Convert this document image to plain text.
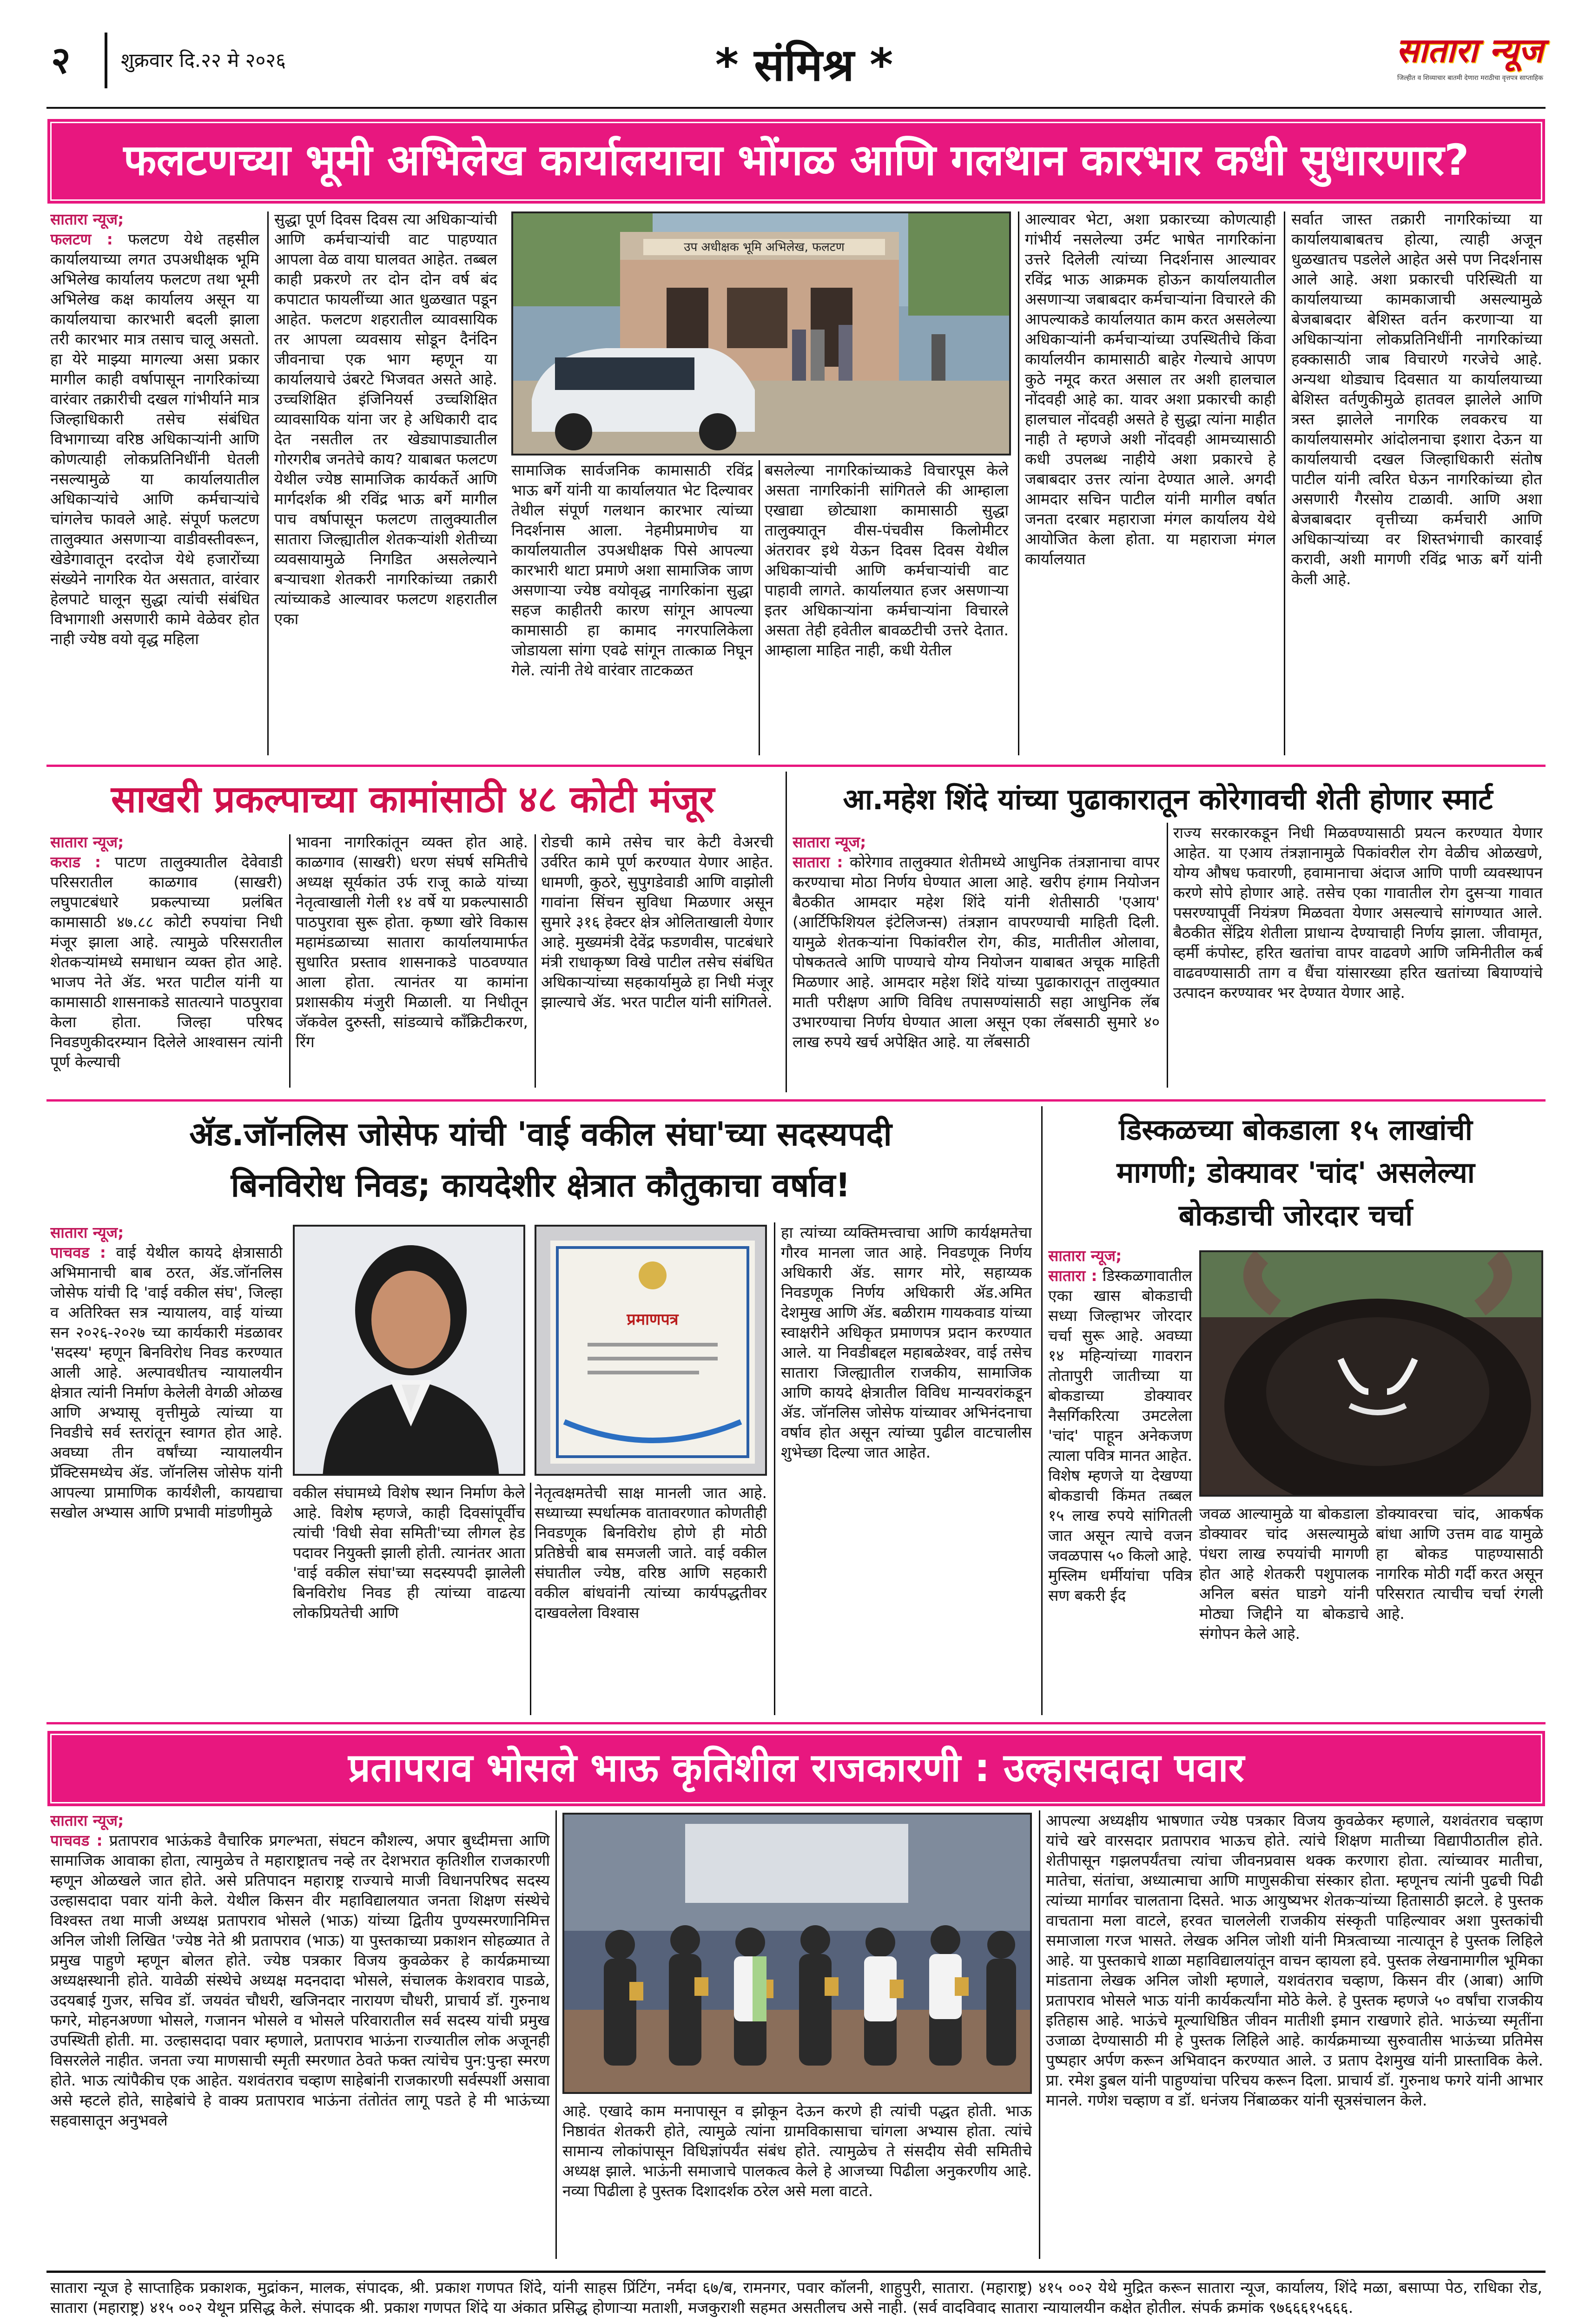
२	शुक्रवार दि.२२ मे २०२६	* संमिश्र *	सातारा न्यूज
जिल्हीत व शिव्याचार बातमी देणारा मराठीचा वृत्तपत्र साप्ताहिक
फलटणच्या भूमी अभिलेख कार्यालयाचा भोंगळ आणि गलथान कारभार कधी सुधारणार?
सातारा न्यूज;
फलटण : फलटण येथे तहसील कार्यालयाच्या लगत उपअधीक्षक भूमि अभिलेख कार्यालय फलटण तथा भूमी अभिलेख कक्ष कार्यालय असून या कार्यालयाचा कारभारी बदली झाला तरी कारभार मात्र तसाच चालू असतो. हा येरे माझ्या मागल्या असा प्रकार मागील काही वर्षापासून नागरिकांच्या वारंवार तक्रारीची दखल गांभीर्याने मात्र जिल्हाधिकारी तसेच संबंधित विभागाच्या वरिष्ठ अधिकाऱ्यांनी आणि कोणत्याही लोकप्रतिनिधींनी घेतली नसल्यामुळे या कार्यालयातील अधिकाऱ्यांचे आणि कर्मचाऱ्यांचे चांगलेच फावले आहे. संपूर्ण फलटण तालुक्यात असणाऱ्या वाडीवस्तीवरून, खेडेगावातून दरदोज येथे हजारोंच्या संख्येने नागरिक येत असतात, वारंवार हेलपाटे घालून सुद्धा त्यांची संबंधित विभागाशी असणारी कामे वेळेवर होत नाही ज्येष्ठ वयो वृद्ध महिला
सुद्धा पूर्ण दिवस दिवस त्या अधिकाऱ्यांची आणि कर्मचाऱ्यांची वाट पाहण्यात आपला वेळ वाया घालवत आहेत. तब्बल काही प्रकरणे तर दोन दोन वर्ष बंद कपाटात फायलींच्या आत धुळखात पडून आहेत. फलटण शहरातील व्यावसायिक तर आपला व्यवसाय सोडून दैनंदिन जीवनाचा एक भाग म्हणून या कार्यालयाचे उंबरटे भिजवत असते आहे. उच्चशिक्षित इंजिनियर्स उच्चशिक्षित व्यावसायिक यांना जर हे अधिकारी दाद देत नसतील तर खेड्यापाड्यातील गोरगरीब जनतेचे काय? याबाबत फलटण येथील ज्येष्ठ सामाजिक कार्यकर्ते आणि मार्गदर्शक श्री रविंद्र भाऊ बर्गे मागील पाच वर्षापासून फलटण तालुक्यातील सातारा जिल्ह्यातील शेतकऱ्यांशी शेतीच्या व्यवसायामुळे निगडित असलेल्याने बऱ्याचशा शेतकरी नागरिकांच्या तक्रारी त्यांच्याकडे आल्यावर फलटण शहरातील एका
उप अधीक्षक भूमि अभिलेख, फलटण
सामाजिक सार्वजनिक कामासाठी रविंद्र भाऊ बर्गे यांनी या कार्यालयात भेट दिल्यावर तेथील संपूर्ण गलथान कारभार त्यांच्या निदर्शनास आला. नेहमीप्रमाणेच या कार्यालयातील उपअधीक्षक पिसे आपल्या कारभारी थाटा प्रमाणे अशा सामाजिक जाण असणाऱ्या ज्येष्ठ वयोवृद्ध नागरिकांना सुद्धा सहज काहीतरी कारण सांगून आपल्या कामासाठी हा कामाद नगरपालिकेला जोडायला सांगा एवढे सांगून तात्काळ निघून गेले. त्यांनी तेथे वारंवार ताटकळत
बसलेल्या नागरिकांच्याकडे विचारपूस केले असता नागरिकांनी सांगितले की आम्हाला एखाद्या छोट्याशा कामासाठी सुद्धा तालुक्यातून वीस-पंचवीस किलोमीटर अंतरावर इथे येऊन दिवस दिवस येथील अधिकाऱ्यांची आणि कर्मचाऱ्यांची वाट पाहावी लागते. कार्यालयात हजर असणाऱ्या इतर अधिकाऱ्यांना कर्मचाऱ्यांना विचारले असता तेही हवेतील बावळटीची उत्तरे देतात. आम्हाला माहित नाही, कधी येतील
आल्यावर भेटा, अशा प्रकारच्या कोणत्याही गांभीर्य नसलेल्या उर्मट भाषेत नागरिकांना उत्तरे दिलेली त्यांच्या निदर्शनास आल्यावर रविंद्र भाऊ आक्रमक होऊन कार्यालयातील असणाऱ्या जबाबदार कर्मचाऱ्यांना विचारले की आपल्याकडे कार्यालयात काम करत असलेल्या अधिकाऱ्यांनी कर्मचाऱ्यांच्या उपस्थितीचे किंवा कार्यालयीन कामासाठी बाहेर गेल्याचे आपण कुठे नमूद करत असाल तर अशी हालचाल नोंदवही आहे का. यावर अशा प्रकारची काही हालचाल नोंदवही असते हे सुद्धा त्यांना माहीत नाही ते म्हणजे अशी नोंदवही आमच्यासाठी कधी उपलब्ध नाहीये अशा प्रकारचे हे जबाबदार उत्तर त्यांना देण्यात आले. अगदी आमदार सचिन पाटील यांनी मागील वर्षात जनता दरबार महाराजा मंगल कार्यालय येथे आयोजित केला होता. या महाराजा मंगल कार्यालयात
सर्वात जास्त तक्रारी नागरिकांच्या या कार्यालयाबाबतच होत्या, त्याही अजून धुळखातच पडलेले आहेत असे पण निदर्शनास आले आहे. अशा प्रकारची परिस्थिती या कार्यालयाच्या कामकाजाची असल्यामुळे बेजबाबदार बेशिस्त वर्तन करणाऱ्या या अधिकाऱ्यांना लोकप्रतिनिधींनी नागरिकांच्या हक्कासाठी जाब विचारणे गरजेचे आहे. अन्यथा थोड्याच दिवसात या कार्यालयाच्या बेशिस्त वर्तणुकीमुळे हातवल झालेले आणि त्रस्त झालेले नागरिक लवकरच या कार्यालयासमोर आंदोलनाचा इशारा देऊन या कार्यालयाची दखल जिल्हाधिकारी संतोष पाटील यांनी त्वरित घेऊन नागरिकांच्या होत असणारी गैरसोय टाळावी. आणि अशा बेजबाबदार वृत्तीच्या कर्मचारी आणि अधिकाऱ्यांच्या वर शिस्तभंगाची कारवाई करावी, अशी मागणी रविंद्र भाऊ बर्गे यांनी केली आहे.
साखरी प्रकल्पाच्या कामांसाठी ४८ कोटी मंजूर
सातारा न्यूज;
कराड : पाटण तालुक्यातील देवेवाडी परिसरातील काळगाव (साखरी) लघुपाटबंधारे प्रकल्पाच्या प्रलंबित कामासाठी ४७.८८ कोटी रुपयांचा निधी मंजूर झाला आहे. त्यामुळे परिसरातील शेतकऱ्यांमध्ये समाधान व्यक्त होत आहे. भाजप नेते ॲड. भरत पाटील यांनी या कामासाठी शासनाकडे सातत्याने पाठपुरावा केला होता. जिल्हा परिषद निवडणुकीदरम्यान दिलेले आश्वासन त्यांनी पूर्ण केल्याची
भावना नागरिकांतून व्यक्त होत आहे. काळगाव (साखरी) धरण संघर्ष समितीचे अध्यक्ष सूर्यकांत उर्फ राजू काळे यांच्या नेतृत्वाखाली गेली १४ वर्षे या प्रकल्पासाठी पाठपुरावा सुरू होता. कृष्णा खोरे विकास महामंडळाच्या सातारा कार्यालयामार्फत सुधारित प्रस्ताव शासनाकडे पाठवण्यात आला होता. त्यानंतर या कामांना प्रशासकीय मंजुरी मिळाली. या निधीतून जॅकवेल दुरुस्ती, सांडव्याचे काँक्रिटीकरण, रिंग
रोडची कामे तसेच चार केटी वेअरची उर्वरित कामे पूर्ण करण्यात येणार आहेत. धामणी, कुठरे, सुपुगडेवाडी आणि वाझोली गावांना सिंचन सुविधा मिळणार असून सुमारे ३१६ हेक्टर क्षेत्र ओलिताखाली येणार आहे. मुख्यमंत्री देवेंद्र फडणवीस, पाटबंधारे मंत्री राधाकृष्ण विखे पाटील तसेच संबंधित अधिकाऱ्यांच्या सहकार्यामुळे हा निधी मंजूर झाल्याचे ॲड. भरत पाटील यांनी सांगितले.
आ.महेश शिंदे यांच्या पुढाकारातून कोरेगावची शेती होणार स्मार्ट
सातारा न्यूज;
सातारा : कोरेगाव तालुक्यात शेतीमध्ये आधुनिक तंत्रज्ञानाचा वापर करण्याचा मोठा निर्णय घेण्यात आला आहे. खरीप हंगाम नियोजन बैठकीत आमदार महेश शिंदे यांनी शेतीसाठी 'एआय' (आर्टिफिशियल इंटेलिजन्स) तंत्रज्ञान वापरण्याची माहिती दिली. यामुळे शेतकऱ्यांना पिकांवरील रोग, कीड, मातीतील ओलावा, पोषकतत्वे आणि पाण्याचे योग्य नियोजन याबाबत अचूक माहिती मिळणार आहे. आमदार महेश शिंदे यांच्या पुढाकारातून तालुक्यात माती परीक्षण आणि विविध तपासण्यांसाठी सहा आधुनिक लॅब उभारण्याचा निर्णय घेण्यात आला असून एका लॅबसाठी सुमारे ४० लाख रुपये खर्च अपेक्षित आहे. या लॅबसाठी
राज्य सरकारकडून निधी मिळवण्यासाठी प्रयत्न करण्यात येणार आहेत. या एआय तंत्रज्ञानामुळे पिकांवरील रोग वेळीच ओळखणे, योग्य औषध फवारणी, हवामानाचा अंदाज आणि पाणी व्यवस्थापन करणे सोपे होणार आहे. तसेच एका गावातील रोग दुसऱ्या गावात पसरण्यापूर्वी नियंत्रण मिळवता येणार असल्याचे सांगण्यात आले. बैठकीत सेंद्रिय शेतीला प्राधान्य देण्याचाही निर्णय झाला. जीवामृत, व्हर्मी कंपोस्ट, हरित खतांचा वापर वाढवणे आणि जमिनीतील कर्ब वाढवण्यासाठी ताग व धैंचा यांसारख्या हरित खतांच्या बियाण्यांचे उत्पादन करण्यावर भर देण्यात येणार आहे.
ॲड.जॉनलिस जोसेफ यांची 'वाई वकील संघा'च्या सदस्यपदी
बिनविरोध निवड; कायदेशीर क्षेत्रात कौतुकाचा वर्षाव!
सातारा न्यूज;
पाचवड : वाई येथील कायदे क्षेत्रासाठी अभिमानाची बाब ठरत, ॲड.जॉनलिस जोसेफ यांची दि 'वाई वकील संघ', जिल्हा व अतिरिक्त सत्र न्यायालय, वाई यांच्या सन २०२६-२०२७ च्या कार्यकारी मंडळावर 'सदस्य' म्हणून बिनविरोध निवड करण्यात आली आहे. अल्पावधीतच न्यायालयीन क्षेत्रात त्यांनी निर्माण केलेली वेगळी ओळख आणि अभ्यासू वृत्तीमुळे त्यांच्या या निवडीचे सर्व स्तरांतून स्वागत होत आहे. अवघ्या तीन वर्षांच्या न्यायालयीन प्रॅक्टिसमध्येच ॲड. जॉनलिस जोसेफ यांनी आपल्या प्रामाणिक कार्यशैली, कायद्याचा सखोल अभ्यास आणि प्रभावी मांडणीमुळे
प्रमाणपत्र
वकील संघामध्ये विशेष स्थान निर्माण केले आहे. विशेष म्हणजे, काही दिवसांपूर्वीच त्यांची 'विधी सेवा समिती'च्या लीगल हेड पदावर नियुक्ती झाली होती. त्यानंतर आता 'वाई वकील संघा'च्या सदस्यपदी झालेली बिनविरोध निवड ही त्यांच्या वाढत्या लोकप्रियतेची आणि
नेतृत्वक्षमतेची साक्ष मानली जात आहे. सध्याच्या स्पर्धात्मक वातावरणात कोणतीही निवडणूक बिनविरोध होणे ही मोठी प्रतिष्ठेची बाब समजली जाते. वाई वकील संघातील ज्येष्ठ, वरिष्ठ आणि सहकारी वकील बांधवांनी त्यांच्या कार्यपद्धतीवर दाखवलेला विश्वास
हा त्यांच्या व्यक्तिमत्त्वाचा आणि कार्यक्षमतेचा गौरव मानला जात आहे. निवडणूक निर्णय अधिकारी ॲड. सागर मोरे, सहाय्यक निवडणूक निर्णय अधिकारी ॲड.अमित देशमुख आणि ॲड. बळीराम गायकवाड यांच्या स्वाक्षरीने अधिकृत प्रमाणपत्र प्रदान करण्यात आले. या निवडीबद्दल महाबळेश्वर, वाई तसेच सातारा जिल्ह्यातील राजकीय, सामाजिक आणि कायदे क्षेत्रातील विविध मान्यवरांकडून ॲड. जॉनलिस जोसेफ यांच्यावर अभिनंदनाचा वर्षाव होत असून त्यांच्या पुढील वाटचालीस शुभेच्छा दिल्या जात आहेत.
डिस्कळच्या बोकडाला १५ लाखांची
मागणी; डोक्यावर 'चांद' असलेल्या
बोकडाची जोरदार चर्चा
सातारा न्यूज;
सातारा : डिस्कळगावातील एका खास बोकडाची सध्या जिल्हाभर जोरदार चर्चा सुरू आहे. अवघ्या १४ महिन्यांच्या गावरान तोतापुरी जातीच्या या बोकडाच्या डोक्यावर नैसर्गिकरित्या उमटलेला 'चांद' पाहून अनेकजण त्याला पवित्र मानत आहेत. विशेष म्हणजे या देखण्या बोकडाची किंमत तब्बल १५ लाख रुपये सांगितली जात असून त्याचे वजन जवळपास ५० किलो आहे. मुस्लिम धर्मीयांचा पवित्र सण बकरी ईद
जवळ आल्यामुळे या बोकडाला डोक्यावर चांद असल्यामुळे पंधरा लाख रुपयांची मागणी होत आहे शेतकरी पशुपालक अनिल बसंत घाडगे यांनी मोठ्या जिद्दीने या बोकडाचे संगोपन केले आहे.
डोक्यावरचा चांद, आकर्षक बांधा आणि उत्तम वाढ यामुळे हा बोकड पाहण्यासाठी नागरिक मोठी गर्दी करत असून परिसरात त्याचीच चर्चा रंगली आहे.
प्रतापराव भोसले भाऊ कृतिशील राजकारणी : उल्हासदादा पवार
सातारा न्यूज;
पाचवड : प्रतापराव भाऊंकडे वैचारिक प्रगल्भता, संघटन कौशल्य, अपार बुध्दीमत्ता आणि सामाजिक आवाका होता, त्यामुळेच ते महाराष्ट्रातच नव्हे तर देशभरात कृतिशील राजकारणी म्हणून ओळखले जात होते. असे प्रतिपादन महाराष्ट्र राज्याचे माजी विधानपरिषद सदस्य उल्हासदादा पवार यांनी केले. येथील किसन वीर महाविद्यालयात जनता शिक्षण संस्थेचे विश्वस्त तथा माजी अध्यक्ष प्रतापराव भोसले (भाऊ) यांच्या द्वितीय पुण्यस्मरणानिमित्त अनिल जोशी लिखित 'ज्येष्ठ नेते श्री प्रतापराव (भाऊ) या पुस्तकाच्या प्रकाशन सोहळ्यात ते प्रमुख पाहुणे म्हणून बोलत होते. ज्येष्ठ पत्रकार विजय कुवळेकर हे कार्यक्रमाच्या अध्यक्षस्थानी होते. यावेळी संस्थेचे अध्यक्ष मदनदादा भोसले, संचालक केशवराव पाडळे, उदयबाई गुजर, सचिव डॉ. जयवंत चौधरी, खजिनदार नारायण चौधरी, प्राचार्य डॉ. गुरुनाथ फगरे, मोहनअण्णा भोसले, गजानन भोसले व भोसले परिवारातील सर्व सदस्य यांची प्रमुख उपस्थिती होती. मा. उल्हासदादा पवार म्हणाले, प्रतापराव भाऊंना राज्यातील लोक अजूनही विसरलेले नाहीत. जनता ज्या माणसाची स्मृती स्मरणात ठेवते फक्त त्यांचेच पुन:पुन्हा स्मरण होते. भाऊ त्यांपैकीच एक आहेत. यशवंतराव चव्हाण साहेबांनी राजकारणी सर्वस्पर्शी असावा असे म्हटले होते, साहेबांचे हे वाक्य प्रतापराव भाऊंना तंतोतंत लागू पडते हे मी भाऊंच्या सहवासातून अनुभवले
आहे. एखादे काम मनापासून व झोकून देऊन करणे ही त्यांची पद्धत होती. भाऊ निष्ठावंत शेतकरी होते, त्यामुळे त्यांना ग्रामविकासाचा चांगला अभ्यास होता. त्यांचे सामान्य लोकांपासून विधिज्ञांपर्यंत संबंध होते. त्यामुळेच ते संसदीय सेवी समितीचे अध्यक्ष झाले. भाऊंनी समाजाचे पालकत्व केले हे आजच्या पिढीला अनुकरणीय आहे. नव्या पिढीला हे पुस्तक दिशादर्शक ठरेल असे मला वाटते.
आपल्या अध्यक्षीय भाषणात ज्येष्ठ पत्रकार विजय कुवळेकर म्हणाले, यशवंतराव चव्हाण यांचे खरे वारसदार प्रतापराव भाऊच होते. त्यांचे शिक्षण मातीच्या विद्यापीठातील होते. शेतीपासून गझलपर्यंतचा त्यांचा जीवनप्रवास थक्क करणारा होता. त्यांच्यावर मातीचा, मातेचा, संतांचा, अध्यात्माचा आणि माणुसकीचा संस्कार होता. म्हणूनच त्यांनी पुढची पिढी त्यांच्या मार्गावर चालताना दिसते. भाऊ आयुष्यभर शेतकऱ्यांच्या हितासाठी झटले. हे पुस्तक वाचताना मला वाटले, हरवत चाललेली राजकीय संस्कृती पाहिल्यावर अशा पुस्तकांची समाजाला गरज भासते. लेखक अनिल जोशी यांनी मित्रत्वाच्या नात्यातून हे पुस्तक लिहिले आहे. या पुस्तकाचे शाळा महाविद्यालयांतून वाचन व्हायला हवे. पुस्तक लेखनामागील भूमिका मांडताना लेखक अनिल जोशी म्हणाले, यशवंतराव चव्हाण, किसन वीर (आबा) आणि प्रतापराव भोसले भाऊ यांनी कार्यकर्त्यांना मोठे केले. हे पुस्तक म्हणजे ५० वर्षांचा राजकीय इतिहास आहे. भाऊंचे मूल्याधिष्ठित जीवन मातीशी इमान राखणारे होते. भाऊंच्या स्मृतींना उजाळा देण्यासाठी मी हे पुस्तक लिहिले आहे. कार्यक्रमाच्या सुरुवातीस भाऊंच्या प्रतिमेस पुष्पहार अर्पण करून अभिवादन करण्यात आले. उ प्रताप देशमुख यांनी प्रास्ताविक केले. प्रा. रमेश डुबल यांनी पाहुण्यांचा परिचय करून दिला. प्राचार्य डॉ. गुरुनाथ फगरे यांनी आभार मानले. गणेश चव्हाण व डॉ. धनंजय निंबाळकर यांनी सूत्रसंचालन केले.
सातारा न्यूज हे साप्ताहिक प्रकाशक, मुद्रांकन, मालक, संपादक, श्री. प्रकाश गणपत शिंदे, यांनी साहस प्रिंटिंग, नर्मदा ६७/ब, रामनगर, पवार कॉलनी, शाहुपुरी, सातारा. (महाराष्ट्र) ४१५ ००२ येथे मुद्रित करून सातारा न्यूज, कार्यालय, शिंदे मळा, बसाप्पा पेठ, राधिका रोड, सातारा (महाराष्ट्र) ४१५ ००२ येथून प्रसिद्ध केले. संपादक श्री. प्रकाश गणपत शिंदे या अंकात प्रसिद्ध होणाऱ्या मताशी, मजकुराशी सहमत असतीलच असे नाही. (सर्व वादविवाद सातारा न्यायालयीन कक्षेत होतील. संपर्क क्रमांक ९७६६६१५६६६.
